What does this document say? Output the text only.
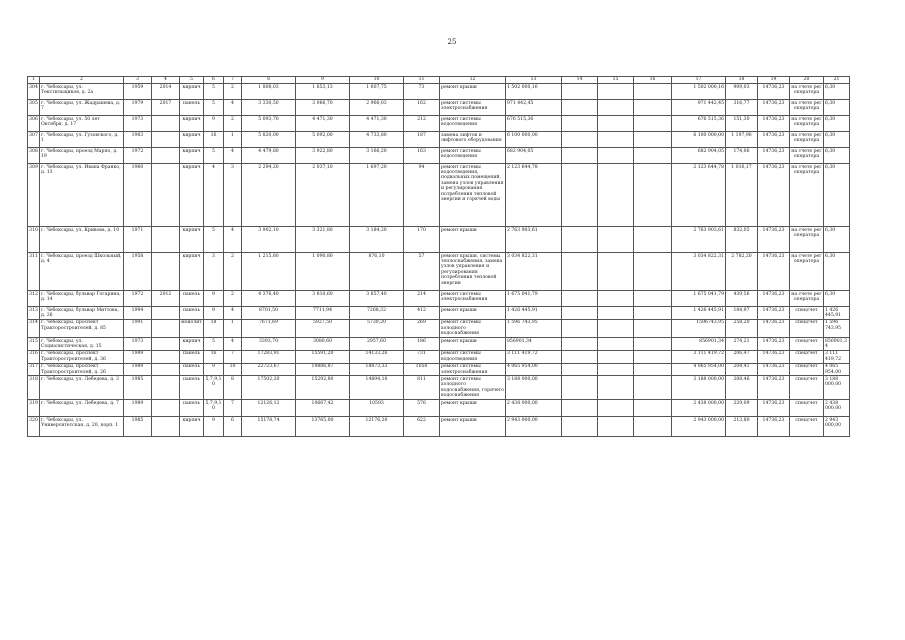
25
1	2	3	4	5	6	7	8	9	10	11	12	13	14	15	16	17	18	19	20	21
304	г. Чебоксары, ул. Текстильщиков, д. 2а	1959	2014	кирпич	5	2	1 808,03	1 653,13	1 607,75	73	ремонт крыши	1 502 000,16				1 502 000,16	909,03	14736,23	на счете рег оператора	6,30
305	г. Чебоксары, ул. Жадрашева, д. 7	1979	2017	панель	5	4	3 330,50	3 066,70	2 966,03	162	ремонт системы электроснабжения	971 442,45				971 442,45	316,77	14736,23	на счете рег оператора	6,30
306	г. Чебоксары, ул. 50 лет Октября, д. 17	1973		кирпич	9	2	5 093,70	4 471,30	4 471,30	212	ремонт системы водоотведения	676 515,36				676 515,36	151,30	14736,23	на счете рег оператора	6,30
307	г. Чебоксары, ул. Гузовского, д. 1	1983		кирпич	16	1	5 820,00	5 092,00	4 733,80	187	замена лифтов и лифтового оборудования	6 100 000,00				6 100 000,00	1 197,96	14736,23	на счете рег оператора	6,30
308	г. Чебоксары, проезд Марпо, д. 19	1972		кирпич	5	4	4 479,80	3 922,80	3 166,20	163	ремонт системы водоотведения	682 904,05				682 904,05	174,06	14736,23	на счете рег оператора	6,30
309	г. Чебоксары, ул. Ивана Франко, д. 13	1960		кирпич	4	3	2 294,20	2 037,10	1 697,20	94	ремонт системы водоотведения, подвальных помещений, замена узлов управления и регулирования потребления тепловой энергии и горячей воды	2 123 644,78				2 123 644,78	1 016,17	14736,23	на счете рег оператора	6,30
310	г. Чебоксары, ул. Кривова, д. 10	1971		кирпич	5	4	3 902,10	3 321,80	3 184,20	170	ремонт крыши	2 763 903,61				2 763 903,61	832,05	14736,23	на счете рег оператора	6,30
311	г. Чебоксары, проезд Школьный, д. 4	1958		кирпич	3	2	1 215,80	1 090,80	876,10	57	ремонт крыши, системы теплоснабжения, замена узлов управления и регулирования потребления тепловой энергии	3 034 822,31				3 034 822,31	2 782,20	14736,23	на счете рег оператора	6,30
312	г. Чебоксары, бульвар Гогарина, д. 14	1972	2012	панель	9	2	4 376,40	3 810,60	3 857,40	214	ремонт системы электроснабжения	1 675 041,79				1 675 041,79	439,56	14736,23	на счете рег оператора	6,30
313	г. Чебоксары, бульвар Миттова, д. 26	1994		панель	9	4	8701,50	7711,94	7268,32	412	ремонт крыши	1 426 445,91				1 426 445,91	184,97	14736,23	спецсчет	1 426 445,91
314	г. Чебоксары, проспект Тракторостроителей, д. 85	1991		монолит	18	1	7671,69	5927,50	5739,20	269	ремонт системы холодного водоснабжения	1 596 743,95				1596743,95	258,20	14736,23	спецсчет	1 596 743,95
315	г. Чебоксары, ул. Социалистическая, д. 15	1973		кирпич	5	4	3393,70	3080,60	2957,60	186	ремонт крыши	856901,34				856901,34	274,21	14736,23	спецсчет	856901,34
316	г. Чебоксары, проспект Тракторостроителей, д. 36	1989		панель	16	7	17283,91	15591,20	14133,26	731	ремонт системы водоотведения	3 111 419,72				3 111 419,72	206,47	14736,23	спецсчет	3 111 419,72
317	г. Чебоксары, проспект Тракторостроителей, д. 26	1989		панель	9	10	22723,67	19886,87	18873,33	1058	ремонт системы электроснабжения	4 065 954,00				4 065 954,00	204,41	14736,23	спецсчет	4 065 954,00
318	г. Чебоксары, ул. Лебедева, д. 3	1985		панель	5,7,9,10	8	17502,20	15292,80	14894,10	811	ремонт системы холодного водоснабжения, горячего водоснабжения	3 188 000,00				3 188 000,00	208,46	14736,23	спецсчет	3 188 000,00
319	г. Чебоксары, ул. Лебедева, д. 7	1989		панель	5,7,9,10	7	12126,12	10667,42	10593	576	ремонт крыши	2 438 000,00				2 438 000,00	229,09	14736,23	спецсчет	2 438 000,00
320	г. Чебоксары, ул. Университетская, д. 20, корп. 1	1985		кирпич	9	6	15178,74	13765,00	12176,20	622	ремонт крыши	2 943 000,00				2 943 000,00	213,80	14736,23	спецсчет	2 943 000,00
